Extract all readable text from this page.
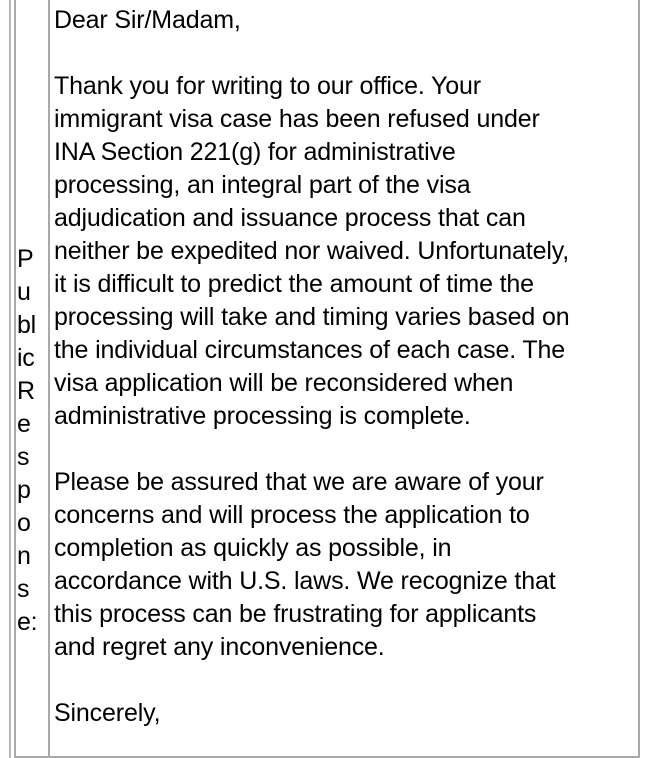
P
u
bl
ic
R
e
s
p
o
n
s
e:

Dear Sir/Madam,

Thank you for writing to our office. Your
immigrant visa case has been refused under
INA Section 221(g) for administrative
processing, an integral part of the visa
adjudication and issuance process that can
neither be expedited nor waived. Unfortunately,
it is difficult to predict the amount of time the
processing will take and timing varies based on
the individual circumstances of each case. The
visa application will be reconsidered when
administrative processing is complete.

Please be assured that we are aware of your
concerns and will process the application to
completion as quickly as possible, in
accordance with U.S. laws. We recognize that
this process can be frustrating for applicants
and regret any inconvenience.

Sincerely,
